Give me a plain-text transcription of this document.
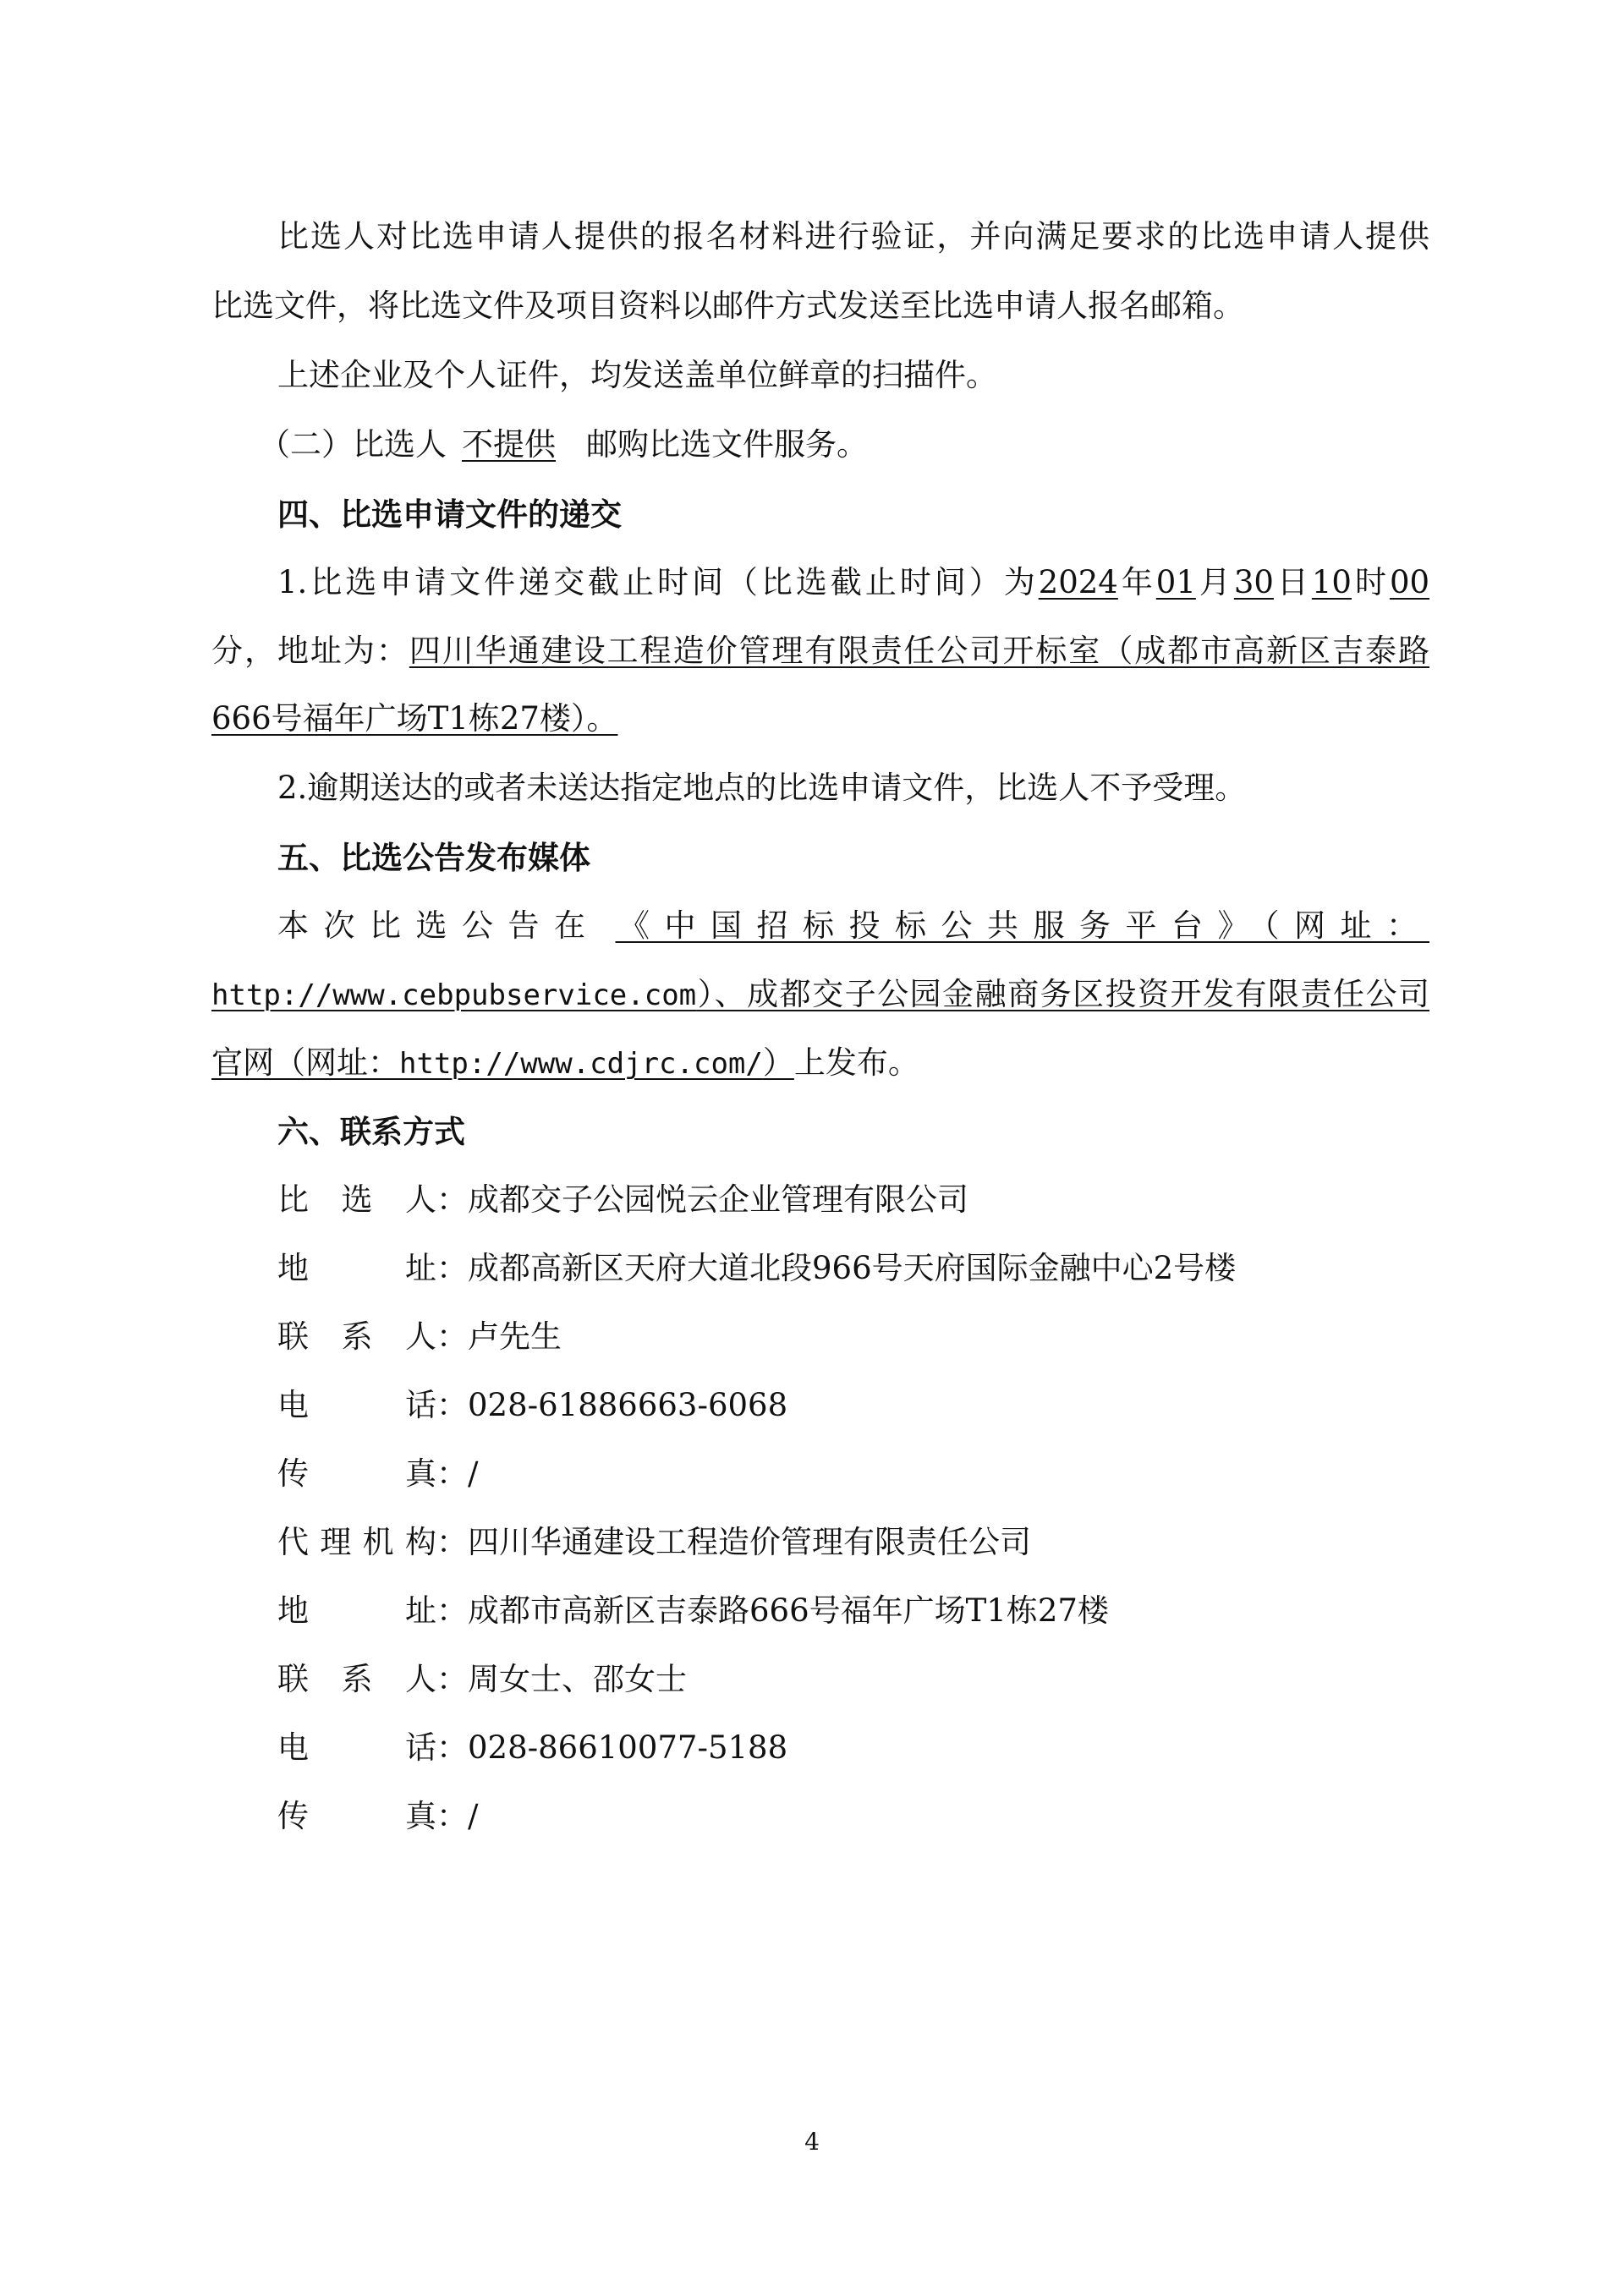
比选人对比选申请人提供的报名材料进行验证，并向满足要求的比选申请人提供
比选文件，将比选文件及项目资料以邮件方式发送至比选申请人报名邮箱。
上述企业及个人证件，均发送盖单位鲜章的扫描件。
（二）比选人 不提供 邮购比选文件服务。
四、比选申请文件的递交
1.比选申请文件递交截止时间（比选截止时间）为2024年01月30日10时00
分，地址为：四川华通建设工程造价管理有限责任公司开标室（成都市高新区吉泰路
666号福年广场T1栋27楼）。
2.逾期送达的或者未送达指定地点的比选申请文件，比选人不予受理。
五、比选公告发布媒体
本次比选公告在 《中国招标投标公共服务平台》（网址：
http://www.cebpubservice.com）、成都交子公园金融商务区投资开发有限责任公司
官网（网址：http://www.cdjrc.com/）上发布。
六、联系方式
比选人：成都交子公园悦云企业管理有限公司
地址：成都高新区天府大道北段966号天府国际金融中心2号楼
联系人：卢先生
电话：028-61886663-6068
传真：/
代理机构：四川华通建设工程造价管理有限责任公司
地址：成都市高新区吉泰路666号福年广场T1栋27楼
联系人：周女士、邵女士
电话：028-86610077-5188
传真：/
4
